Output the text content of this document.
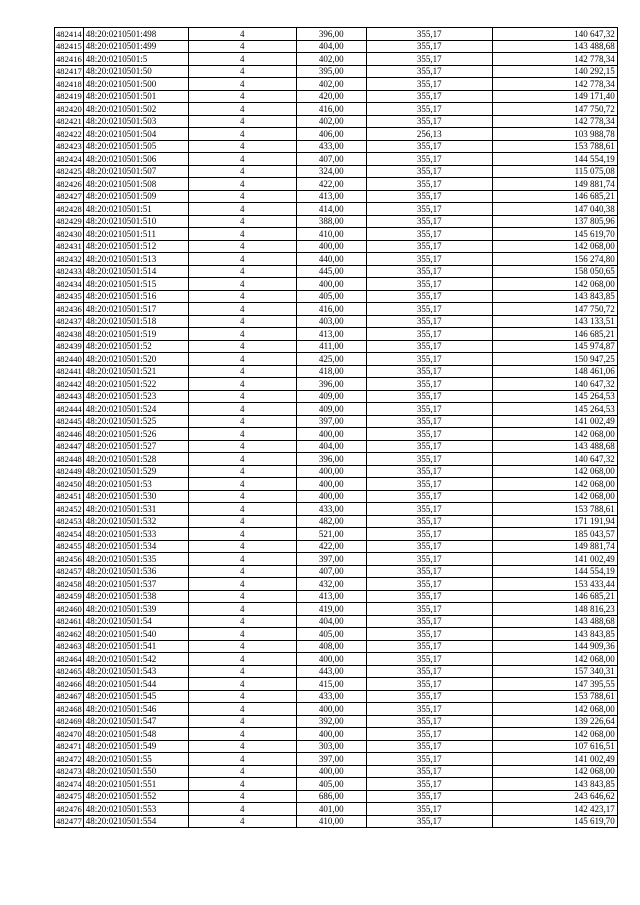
482414	48:20:0210501:498	4	396,00	355,17	140 647,32
482415	48:20:0210501:499	4	404,00	355,17	143 488,68
482416	48:20:0210501:5	4	402,00	355,17	142 778,34
482417	48:20:0210501:50	4	395,00	355,17	140 292,15
482418	48:20:0210501:500	4	402,00	355,17	142 778,34
482419	48:20:0210501:501	4	420,00	355,17	149 171,40
482420	48:20:0210501:502	4	416,00	355,17	147 750,72
482421	48:20:0210501:503	4	402,00	355,17	142 778,34
482422	48:20:0210501:504	4	406,00	256,13	103 988,78
482423	48:20:0210501:505	4	433,00	355,17	153 788,61
482424	48:20:0210501:506	4	407,00	355,17	144 554,19
482425	48:20:0210501:507	4	324,00	355,17	115 075,08
482426	48:20:0210501:508	4	422,00	355,17	149 881,74
482427	48:20:0210501:509	4	413,00	355,17	146 685,21
482428	48:20:0210501:51	4	414,00	355,17	147 040,38
482429	48:20:0210501:510	4	388,00	355,17	137 805,96
482430	48:20:0210501:511	4	410,00	355,17	145 619,70
482431	48:20:0210501:512	4	400,00	355,17	142 068,00
482432	48:20:0210501:513	4	440,00	355,17	156 274,80
482433	48:20:0210501:514	4	445,00	355,17	158 050,65
482434	48:20:0210501:515	4	400,00	355,17	142 068,00
482435	48:20:0210501:516	4	405,00	355,17	143 843,85
482436	48:20:0210501:517	4	416,00	355,17	147 750,72
482437	48:20:0210501:518	4	403,00	355,17	143 133,51
482438	48:20:0210501:519	4	413,00	355,17	146 685,21
482439	48:20:0210501:52	4	411,00	355,17	145 974,87
482440	48:20:0210501:520	4	425,00	355,17	150 947,25
482441	48:20:0210501:521	4	418,00	355,17	148 461,06
482442	48:20:0210501:522	4	396,00	355,17	140 647,32
482443	48:20:0210501:523	4	409,00	355,17	145 264,53
482444	48:20:0210501:524	4	409,00	355,17	145 264,53
482445	48:20:0210501:525	4	397,00	355,17	141 002,49
482446	48:20:0210501:526	4	400,00	355,17	142 068,00
482447	48:20:0210501:527	4	404,00	355,17	143 488,68
482448	48:20:0210501:528	4	396,00	355,17	140 647,32
482449	48:20:0210501:529	4	400,00	355,17	142 068,00
482450	48:20:0210501:53	4	400,00	355,17	142 068,00
482451	48:20:0210501:530	4	400,00	355,17	142 068,00
482452	48:20:0210501:531	4	433,00	355,17	153 788,61
482453	48:20:0210501:532	4	482,00	355,17	171 191,94
482454	48:20:0210501:533	4	521,00	355,17	185 043,57
482455	48:20:0210501:534	4	422,00	355,17	149 881,74
482456	48:20:0210501:535	4	397,00	355,17	141 002,49
482457	48:20:0210501:536	4	407,00	355,17	144 554,19
482458	48:20:0210501:537	4	432,00	355,17	153 433,44
482459	48:20:0210501:538	4	413,00	355,17	146 685,21
482460	48:20:0210501:539	4	419,00	355,17	148 816,23
482461	48:20:0210501:54	4	404,00	355,17	143 488,68
482462	48:20:0210501:540	4	405,00	355,17	143 843,85
482463	48:20:0210501:541	4	408,00	355,17	144 909,36
482464	48:20:0210501:542	4	400,00	355,17	142 068,00
482465	48:20:0210501:543	4	443,00	355,17	157 340,31
482466	48:20:0210501:544	4	415,00	355,17	147 395,55
482467	48:20:0210501:545	4	433,00	355,17	153 788,61
482468	48:20:0210501:546	4	400,00	355,17	142 068,00
482469	48:20:0210501:547	4	392,00	355,17	139 226,64
482470	48:20:0210501:548	4	400,00	355,17	142 068,00
482471	48:20:0210501:549	4	303,00	355,17	107 616,51
482472	48:20:0210501:55	4	397,00	355,17	141 002,49
482473	48:20:0210501:550	4	400,00	355,17	142 068,00
482474	48:20:0210501:551	4	405,00	355,17	143 843,85
482475	48:20:0210501:552	4	686,00	355,17	243 646,62
482476	48:20:0210501:553	4	401,00	355,17	142 423,17
482477	48:20:0210501:554	4	410,00	355,17	145 619,70
